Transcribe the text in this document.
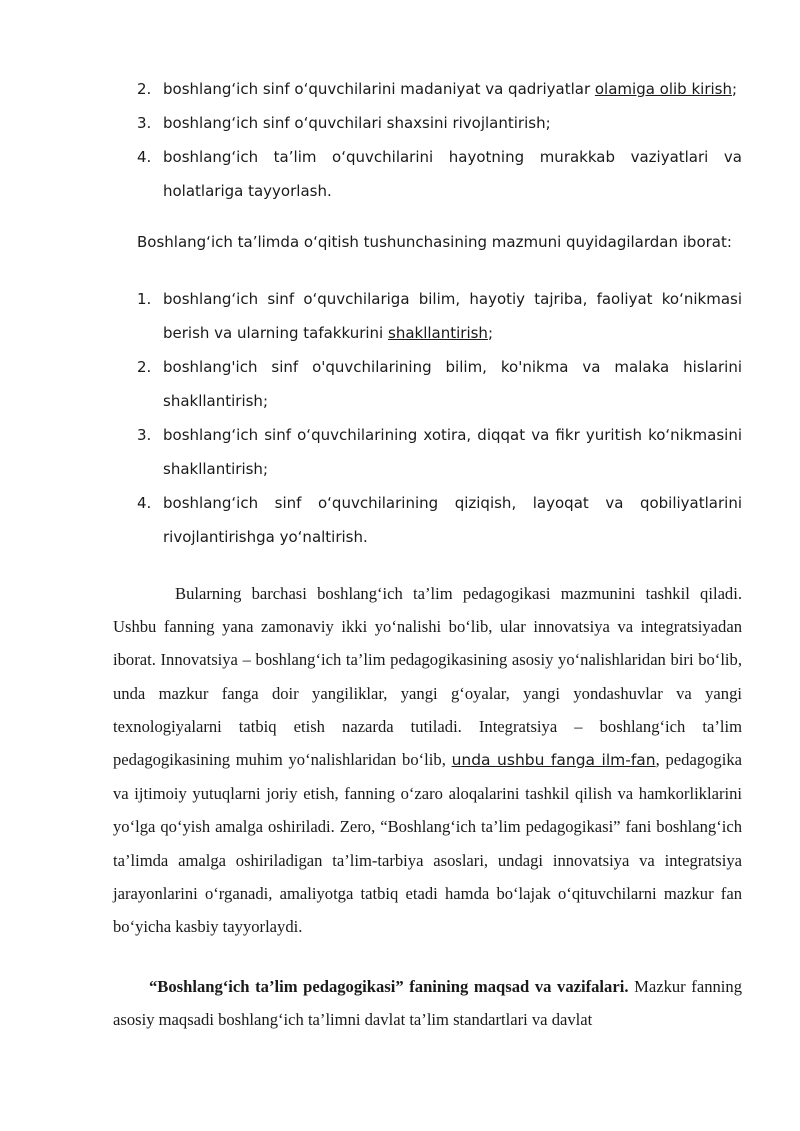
2. boshlang‘ich sinf o‘quvchilarini madaniyat va qadriyatlar olamiga olib kirish;
3. boshlang‘ich sinf o‘quvchilari shaxsini rivojlantirish;
4. boshlang‘ich ta’lim o‘quvchilarini hayotning murakkab vaziyatlari va
holatlariga tayyorlash.

Boshlang‘ich ta’limda o‘qitish tushunchasining mazmuni quyidagilardan iborat:

1. boshlang‘ich sinf o‘quvchilariga bilim, hayotiy tajriba, faoliyat ko‘nikmasi
berish va ularning tafakkurini shakllantirish;
2. boshlang'ich sinf o'quvchilarining bilim, ko'nikma va malaka hislarini
shakllantirish;
3. boshlang‘ich sinf o‘quvchilarining xotira, diqqat va fikr yuritish ko‘nikmasini
shakllantirish;
4. boshlang‘ich sinf o‘quvchilarining qiziqish, layoqat va qobiliyatlarini
rivojlantirishga yo‘naltirish.

Bularning barchasi boshlang‘ich ta’lim pedagogikasi mazmunini tashkil qiladi. Ushbu fanning yana zamonaviy ikki yo‘nalishi bo‘lib, ular innovatsiya va integratsiyadan iborat. Innovatsiya – boshlang‘ich ta’lim pedagogikasining asosiy yo‘nalishlaridan biri bo‘lib, unda mazkur fanga doir yangiliklar, yangi g‘oyalar, yangi yondashuvlar va yangi texnologiyalarni tatbiq etish nazarda tutiladi. Integratsiya – boshlang‘ich ta’lim pedagogikasining muhim yo‘nalishlaridan bo‘lib, unda ushbu fanga ilm-fan, pedagogika va ijtimoiy yutuqlarni joriy etish, fanning o‘zaro aloqalarini tashkil qilish va hamkorliklarini yo‘lga qo‘yish amalga oshiriladi. Zero, “Boshlang‘ich ta’lim pedagogikasi” fani boshlang‘ich ta’limda amalga oshiriladigan ta’lim-tarbiya asoslari, undagi innovatsiya va integratsiya jarayonlarini o‘rganadi, amaliyotga tatbiq etadi hamda bo‘lajak o‘qituvchilarni mazkur fan bo‘yicha kasbiy tayyorlaydi.

“Boshlang‘ich ta’lim pedagogikasi” fanining maqsad va vazifalari. Mazkur fanning asosiy maqsadi boshlang‘ich ta’limni davlat ta’lim standartlari va davlat
